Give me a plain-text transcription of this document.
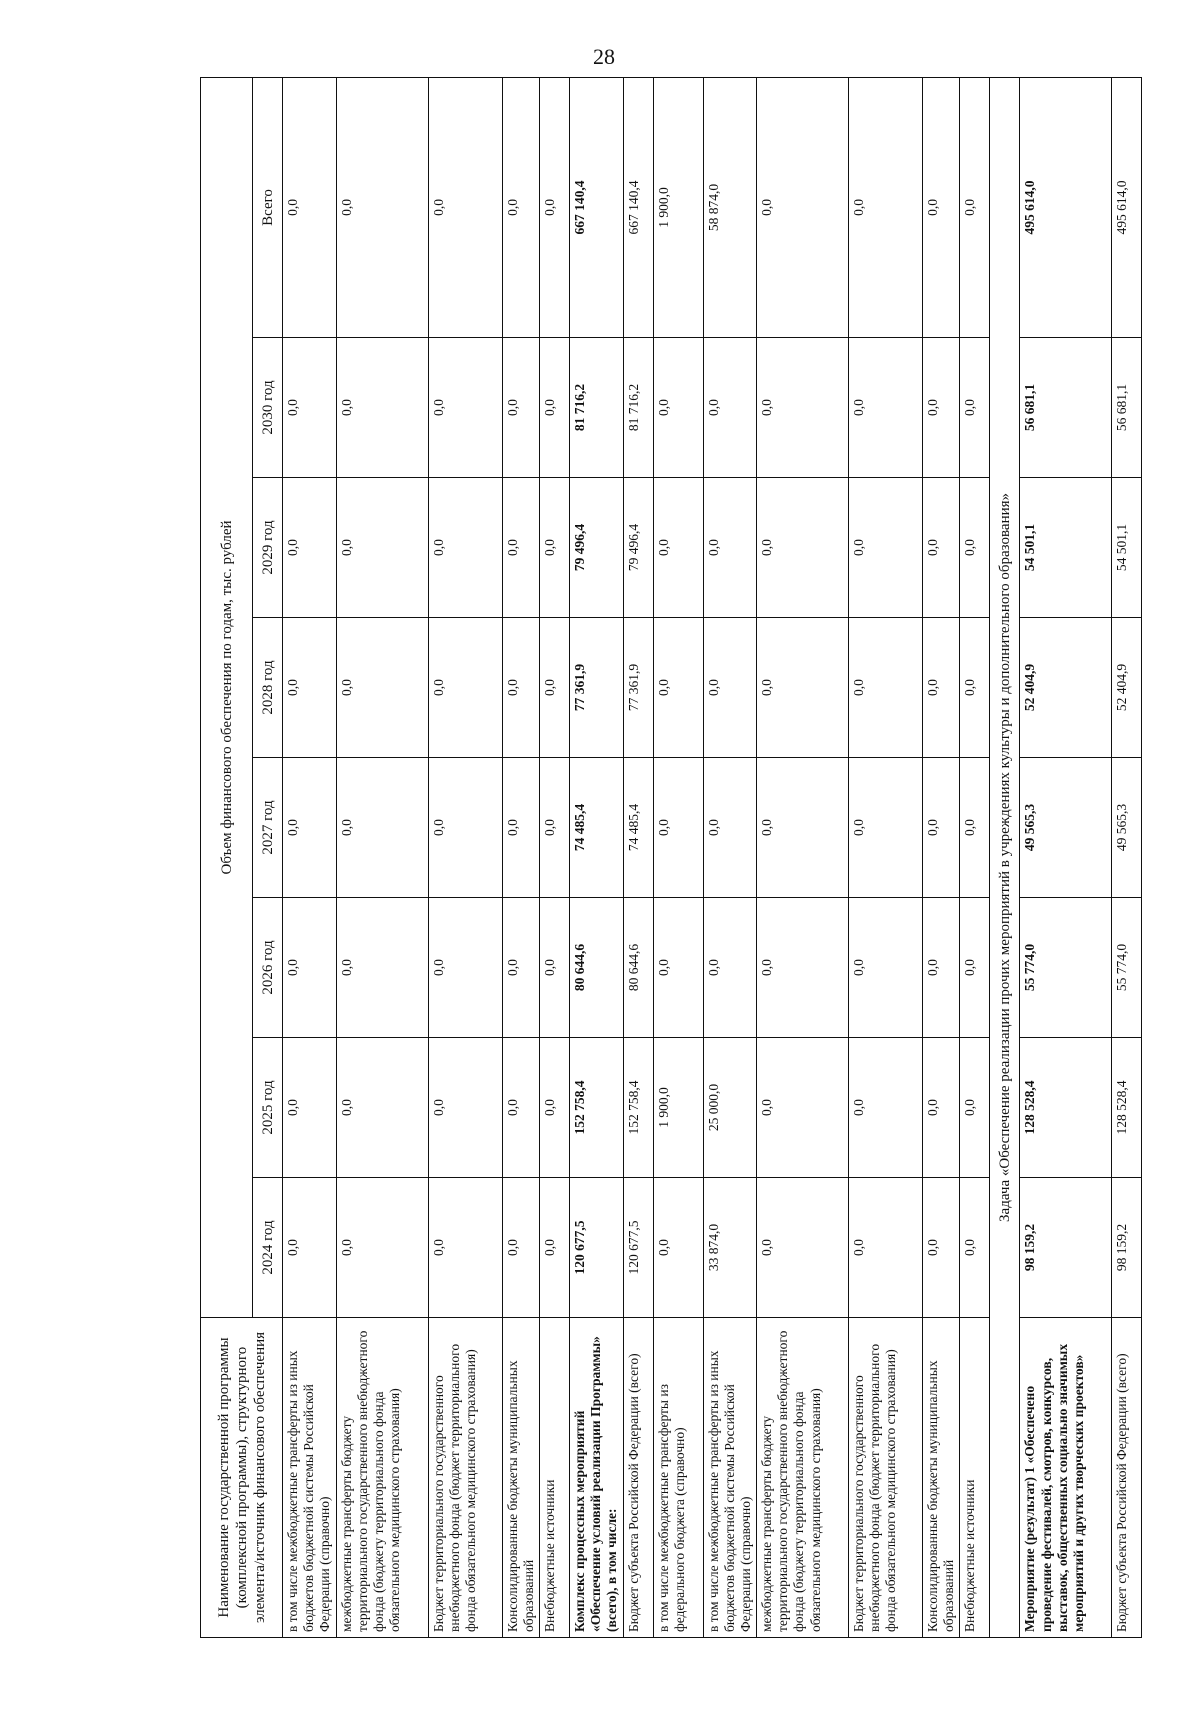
28
Наименование государственной программы (комплексной программы), структурного элемента/источник финансового обеспечения	Объем финансового обеспечения по годам, тыс. рублей							
	2024 год	2025 год	2026 год	2027 год	2028 год	2029 год	2030 год	Всего
в том числе межбюджетные трансферты из иных бюджетов бюджетной системы Российской Федерации (справочно)	0,0	0,0	0,0	0,0	0,0	0,0	0,0	0,0
межбюджетные трансферты бюджету территориального государственного внебюджетного фонда (бюджету территориального фонда обязательного медицинского страхования)	0,0	0,0	0,0	0,0	0,0	0,0	0,0	0,0
Бюджет территориального государственного внебюджетного фонда (бюджет территориального фонда обязательного медицинского страхования)	0,0	0,0	0,0	0,0	0,0	0,0	0,0	0,0
Консолидированные бюджеты муниципальных образований	0,0	0,0	0,0	0,0	0,0	0,0	0,0	0,0
Внебюджетные источники	0,0	0,0	0,0	0,0	0,0	0,0	0,0	0,0
Комплекс процессных мероприятий «Обеспечение условий реализации Программы» (всего), в том числе:	120 677,5	152 758,4	80 644,6	74 485,4	77 361,9	79 496,4	81 716,2	667 140,4
Бюджет субъекта Российской Федерации (всего)	120 677,5	152 758,4	80 644,6	74 485,4	77 361,9	79 496,4	81 716,2	667 140,4
в том числе межбюджетные трансферты из федерального бюджета (справочно)	0,0	1 900,0	0,0	0,0	0,0	0,0	0,0	1 900,0
в том числе межбюджетные трансферты из иных бюджетов бюджетной системы Российской Федерации (справочно)	33 874,0	25 000,0	0,0	0,0	0,0	0,0	0,0	58 874,0
межбюджетные трансферты бюджету территориального государственного внебюджетного фонда (бюджету территориального фонда обязательного медицинского страхования)	0,0	0,0	0,0	0,0	0,0	0,0	0,0	0,0
Бюджет территориального государственного внебюджетного фонда (бюджет территориального фонда обязательного медицинского страхования)	0,0	0,0	0,0	0,0	0,0	0,0	0,0	0,0
Консолидированные бюджеты муниципальных образований	0,0	0,0	0,0	0,0	0,0	0,0	0,0	0,0
Внебюджетные источники	0,0	0,0	0,0	0,0	0,0	0,0	0,0	0,0
Задача «Обеспечение реализации прочих мероприятий в учреждениях культуры и дополнительного образования»								
Мероприятие (результат) 1 «Обеспечено проведение фестивалей, смотров, конкурсов, выставок, общественных социально значимых мероприятий и других творческих проектов»	98 159,2	128 528,4	55 774,0	49 565,3	52 404,9	54 501,1	56 681,1	495 614,0
Бюджет субъекта Российской Федерации (всего)	98 159,2	128 528,4	55 774,0	49 565,3	52 404,9	54 501,1	56 681,1	495 614,0
